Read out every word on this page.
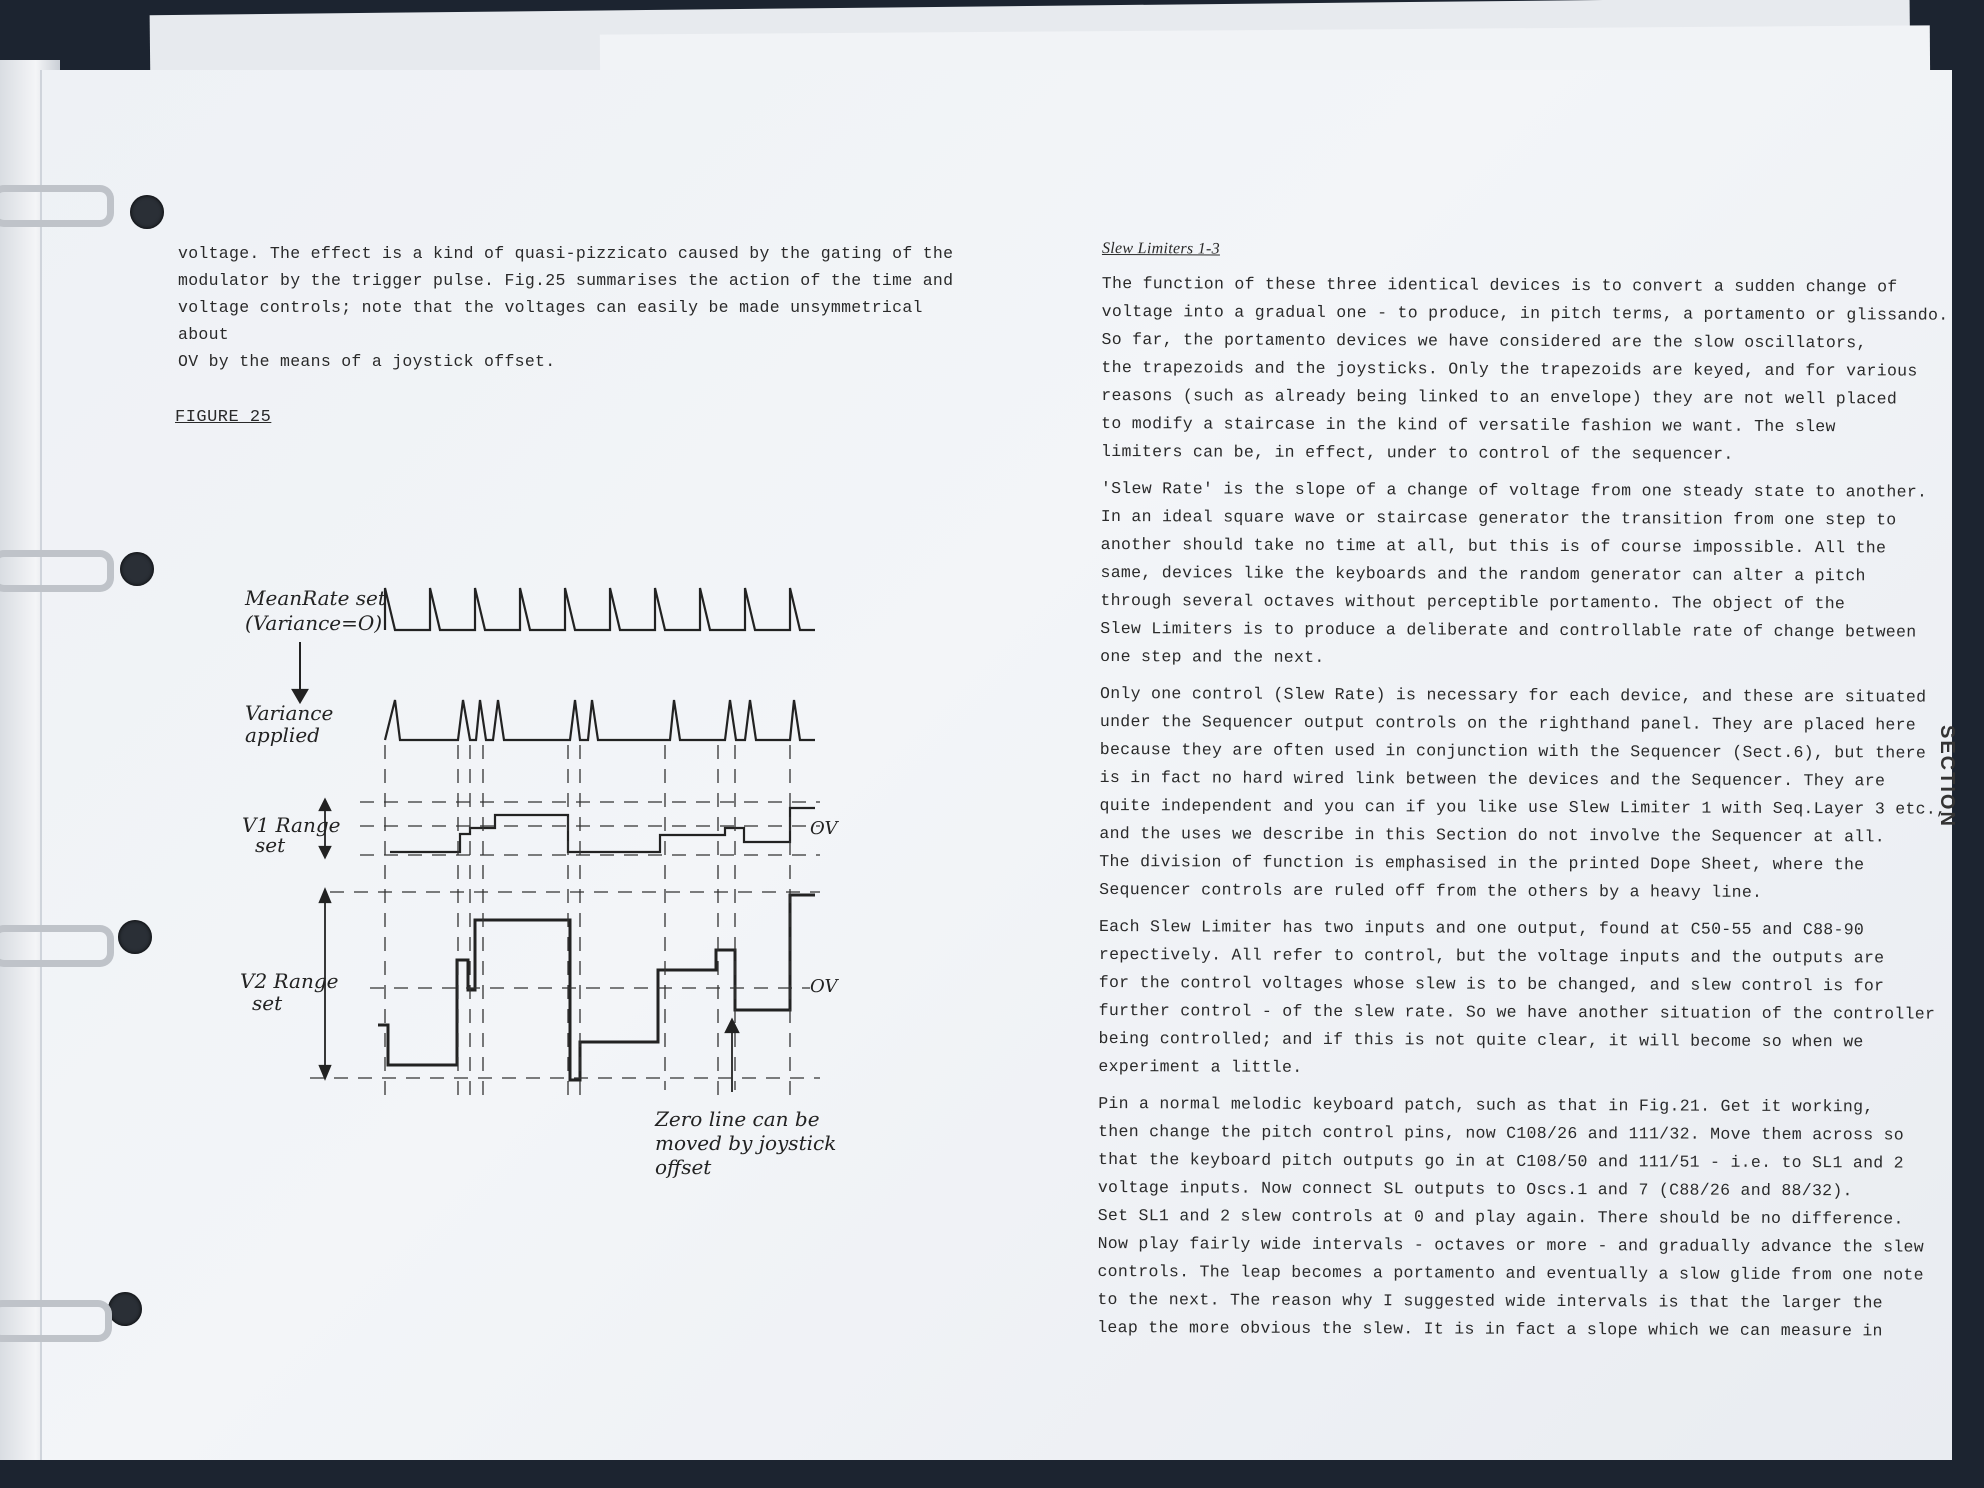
voltage. The effect is a kind of quasi-pizzicato caused by the gating of the

modulator by the trigger pulse. Fig.25 summarises the action of the time and

voltage controls; note that the voltages can easily be made unsymmetrical about

OV by the means of a joystick offset.

FIGURE 25
MeanRate set
(Variance=O)
Variance
applied
V1 Range
set
V2 Range
set
OV
OV
Zero line can be
moved by joystick
offset
Slew Limiters 1-3
The function of these three identical devices is to convert a sudden change of
voltage into a gradual one - to produce, in pitch terms, a portamento or glissando.
So far, the portamento devices we have considered are the slow oscillators,
the trapezoids and the joysticks. Only the trapezoids are keyed, and for various
reasons (such as already being linked to an envelope) they are not well placed
to modify a staircase in the kind of versatile fashion we want. The slew
limiters can be, in effect, under to control of the sequencer.
'Slew Rate' is the slope of a change of voltage from one steady state to another.
In an ideal square wave or staircase generator the transition from one step to
another should take no time at all, but this is of course impossible. All the
same, devices like the keyboards and the random generator can alter a pitch
through several octaves without perceptible portamento. The object of the
Slew Limiters is to produce a deliberate and controllable rate of change between
one step and the next.
Only one control (Slew Rate) is necessary for each device, and these are situated
under the Sequencer output controls on the righthand panel. They are placed here
because they are often used in conjunction with the Sequencer (Sect.6), but there
is in fact no hard wired link between the devices and the Sequencer. They are
quite independent and you can if you like use Slew Limiter 1 with Seq.Layer 3 etc.,
and the uses we describe in this Section do not involve the Sequencer at all.
The division of function is emphasised in the printed Dope Sheet, where the
Sequencer controls are ruled off from the others by a heavy line.
Each Slew Limiter has two inputs and one output, found at C50-55 and C88-90
repectively. All refer to control, but the voltage inputs and the outputs are
for the control voltages whose slew is to be changed, and slew control is for
further control - of the slew rate. So we have another situation of the controller
being controlled; and if this is not quite clear, it will become so when we
experiment a little.
Pin a normal melodic keyboard patch, such as that in Fig.21. Get it working,
then change the pitch control pins, now C108/26 and 111/32. Move them across so
that the keyboard pitch outputs go in at C108/50 and 111/51 - i.e. to SL1 and 2
voltage inputs. Now connect SL outputs to Oscs.1 and 7 (C88/26 and 88/32).
Set SL1 and 2 slew controls at 0 and play again. There should be no difference.
Now play fairly wide intervals - octaves or more - and gradually advance the slew
controls. The leap becomes a portamento and eventually a slow glide from one note
to the next. The reason why I suggested wide intervals is that the larger the
leap the more obvious the slew. It is in fact a slope which we can measure in
SECTION
